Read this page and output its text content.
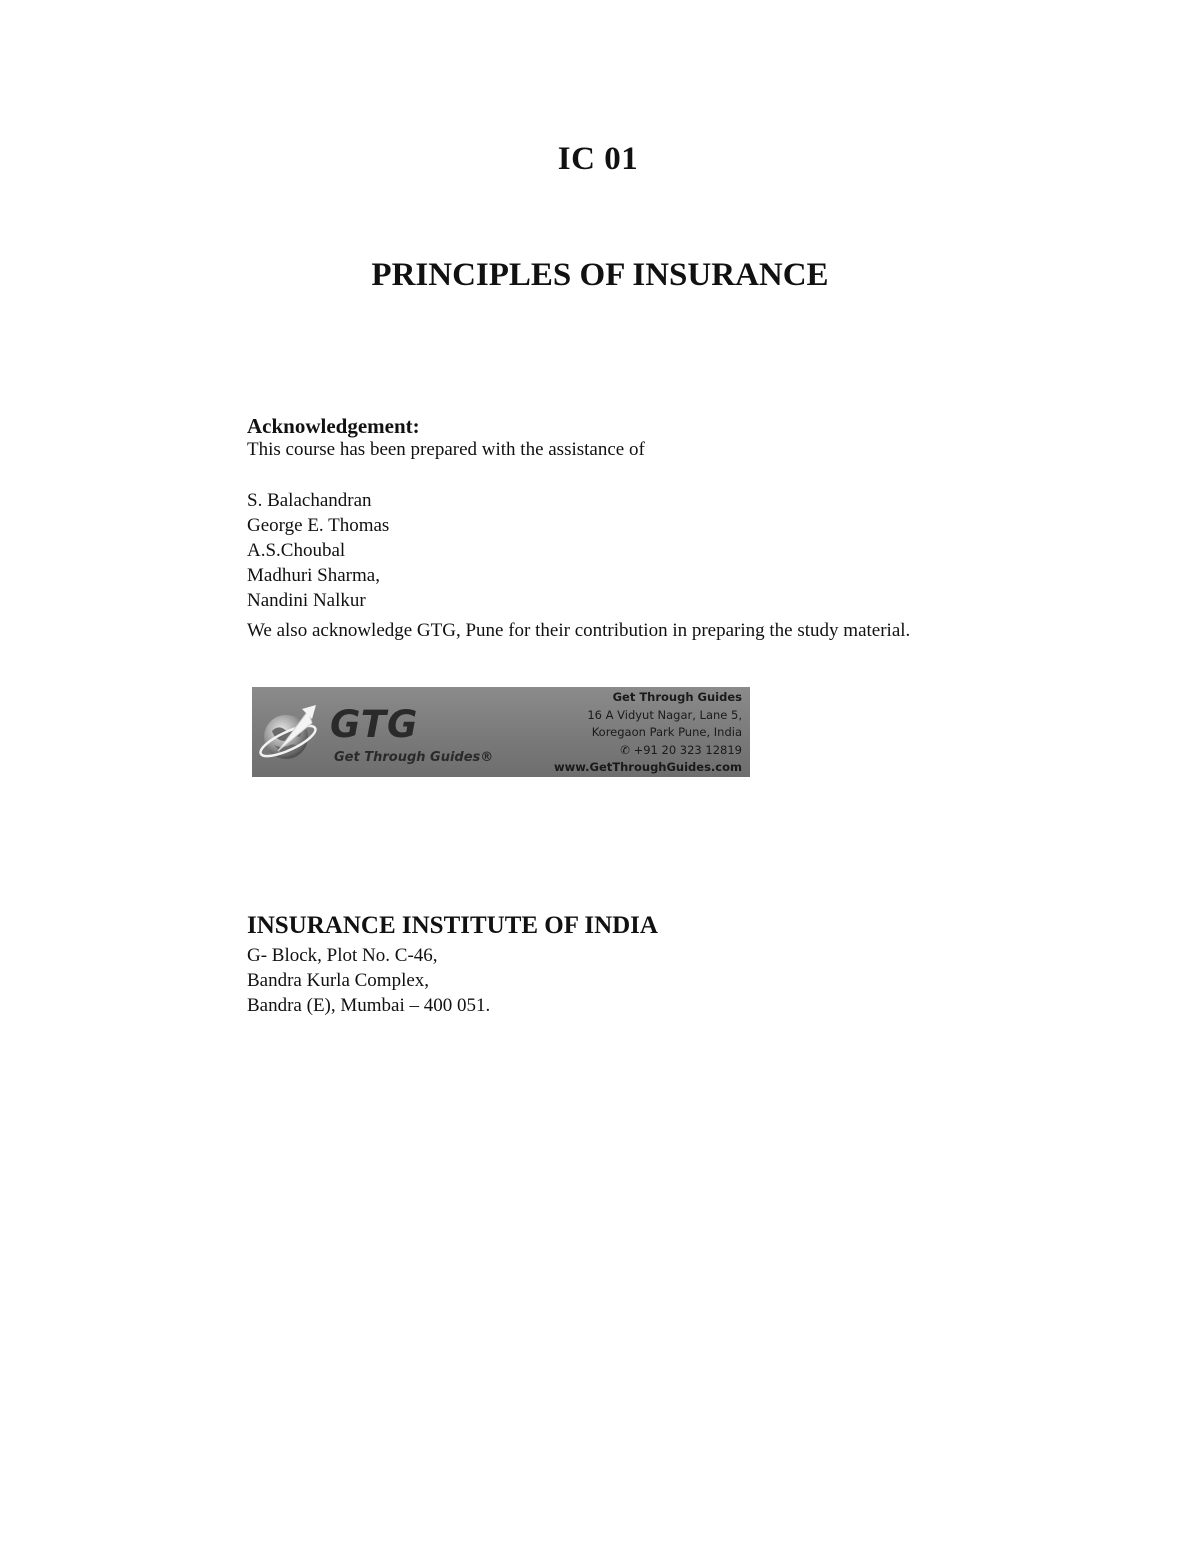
IC 01
PRINCIPLES OF INSURANCE

Acknowledgement:

This course has been prepared with the assistance of

S. Balachandran

George E. Thomas

A.S.Choubal

Madhuri Sharma,

Nandini Nalkur

We also acknowledge GTG, Pune for their contribution in preparing the study material.

GTG
Get Through Guides®
Get Through Guides
16 A Vidyut Nagar, Lane 5,
Koregaon Park Pune, India
✆ +91 20 323 12819
www.GetThroughGuides.com

INSURANCE INSTITUTE OF INDIA

G- Block, Plot No. C-46,

Bandra Kurla Complex,

Bandra (E), Mumbai – 400 051.
